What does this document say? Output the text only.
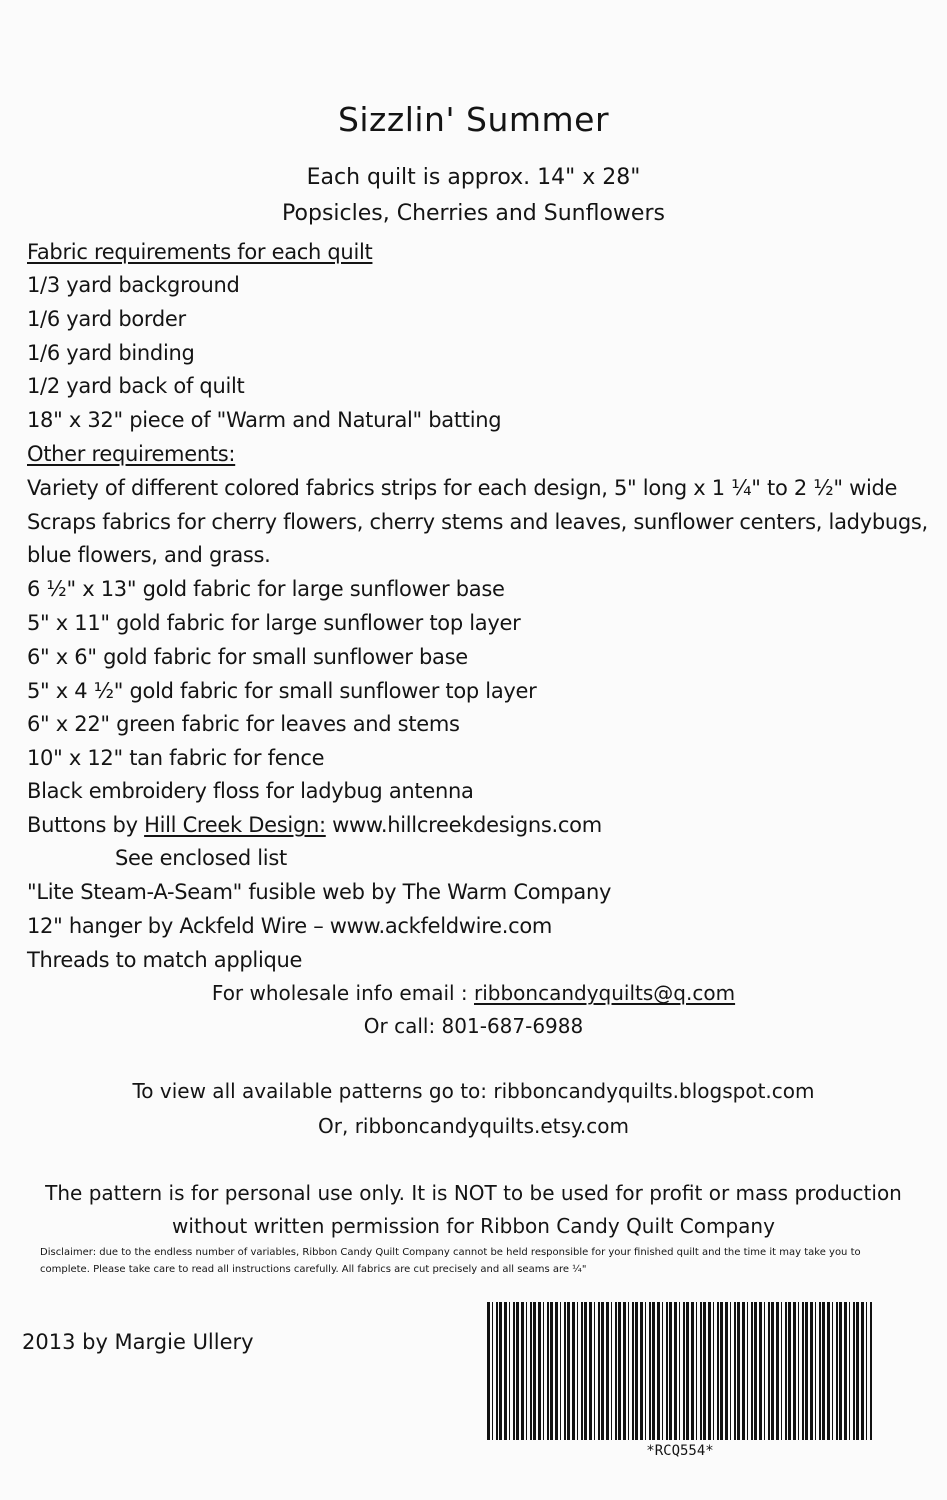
Sizzlin' Summer
Each quilt is approx. 14" x 28"
Popsicles, Cherries and Sunflowers
Fabric requirements for each quilt
1/3 yard background
1/6 yard border
1/6 yard binding
1/2 yard back of quilt
18" x 32" piece of "Warm and Natural" batting
Other requirements:
Variety of different colored fabrics strips for each design, 5" long x 1 ¼" to 2 ½" wide
Scraps fabrics for cherry flowers, cherry stems and leaves, sunflower centers, ladybugs,
blue flowers, and grass.
6 ½" x 13" gold fabric for large sunflower base
5" x 11" gold fabric for large sunflower top layer
6" x 6" gold fabric for small sunflower base
5" x 4 ½" gold fabric for small sunflower top layer
6" x 22" green fabric for leaves and stems
10" x 12" tan fabric for fence
Black embroidery floss for ladybug antenna
Buttons by Hill Creek Design: www.hillcreekdesigns.com
See enclosed list
"Lite Steam-A-Seam" fusible web by The Warm Company
12" hanger by Ackfeld Wire – www.ackfeldwire.com
Threads to match applique
For wholesale info email : ribboncandyquilts@q.com
Or call: 801-687-6988
To view all available patterns go to: ribboncandyquilts.blogspot.com
Or, ribboncandyquilts.etsy.com
The pattern is for personal use only. It is NOT to be used for profit or mass production
without written permission for Ribbon Candy Quilt Company
Disclaimer: due to the endless number of variables, Ribbon Candy Quilt Company cannot be held responsible for your finished quilt and the time it may take you to complete. Please take care to read all instructions carefully. All fabrics are cut precisely and all seams are ¼"
2013 by Margie Ullery
*RCQ554*
